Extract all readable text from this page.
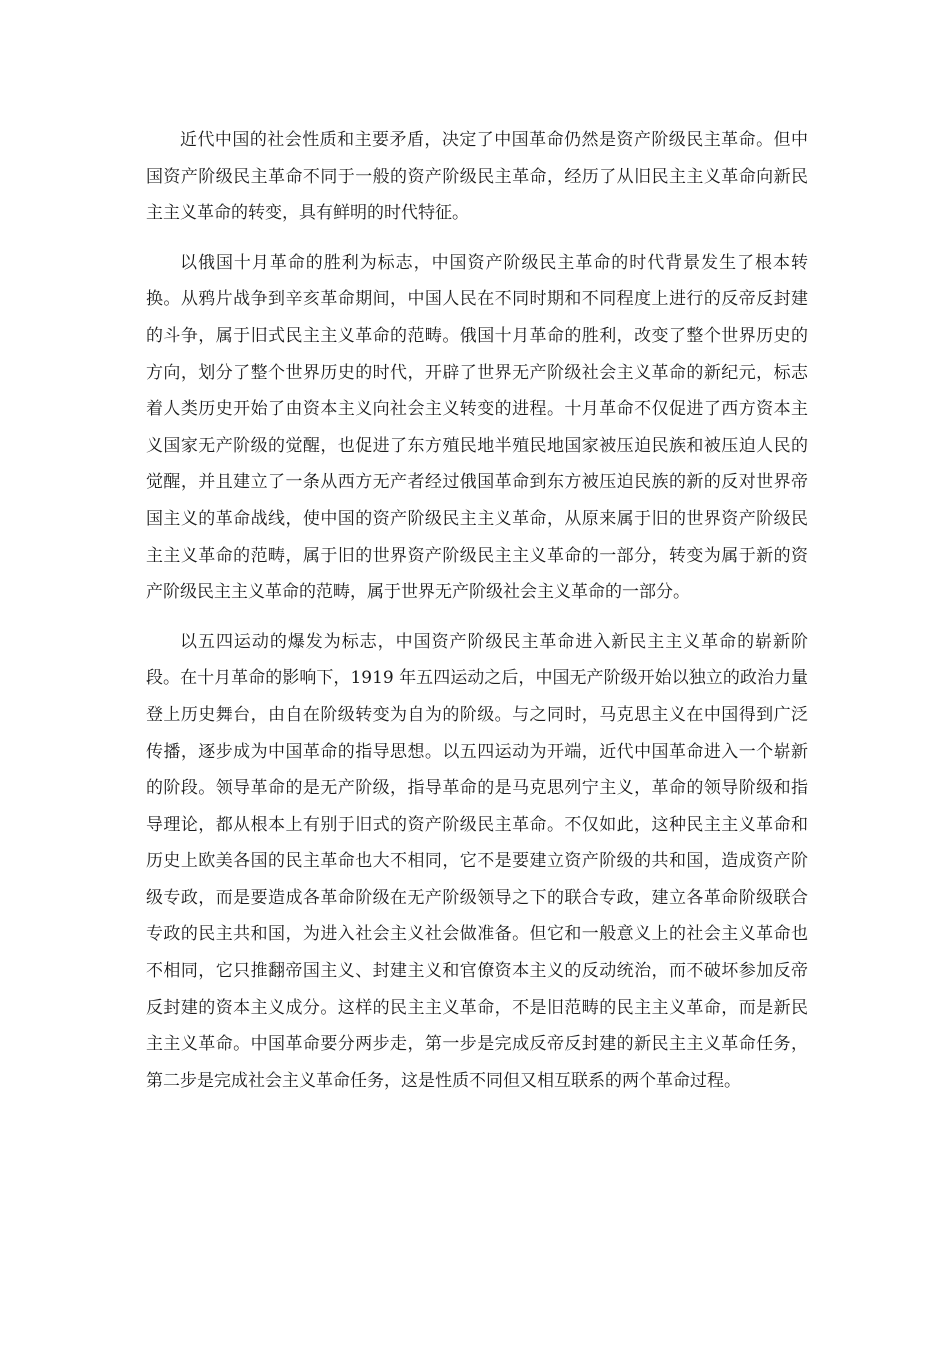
近代中国的社会性质和主要矛盾，决定了中国革命仍然是资产阶级民主革命。但中国资产阶级民主革命不同于一般的资产阶级民主革命，经历了从旧民主主义革命向新民主主义革命的转变，具有鲜明的时代特征。

以俄国十月革命的胜利为标志，中国资产阶级民主革命的时代背景发生了根本转换。从鸦片战争到辛亥革命期间，中国人民在不同时期和不同程度上进行的反帝反封建的斗争，属于旧式民主主义革命的范畴。俄国十月革命的胜利，改变了整个世界历史的方向，划分了整个世界历史的时代，开辟了世界无产阶级社会主义革命的新纪元，标志着人类历史开始了由资本主义向社会主义转变的进程。十月革命不仅促进了西方资本主义国家无产阶级的觉醒，也促进了东方殖民地半殖民地国家被压迫民族和被压迫人民的觉醒，并且建立了一条从西方无产者经过俄国革命到东方被压迫民族的新的反对世界帝国主义的革命战线，使中国的资产阶级民主主义革命，从原来属于旧的世界资产阶级民主主义革命的范畴，属于旧的世界资产阶级民主主义革命的一部分，转变为属于新的资产阶级民主主义革命的范畴，属于世界无产阶级社会主义革命的一部分。

以五四运动的爆发为标志，中国资产阶级民主革命进入新民主主义革命的崭新阶段。在十月革命的影响下，1919 年五四运动之后，中国无产阶级开始以独立的政治力量登上历史舞台，由自在阶级转变为自为的阶级。与之同时，马克思主义在中国得到广泛传播，逐步成为中国革命的指导思想。以五四运动为开端，近代中国革命进入一个崭新的阶段。领导革命的是无产阶级，指导革命的是马克思列宁主义，革命的领导阶级和指导理论，都从根本上有别于旧式的资产阶级民主革命。不仅如此，这种民主主义革命和历史上欧美各国的民主革命也大不相同，它不是要建立资产阶级的共和国，造成资产阶级专政，而是要造成各革命阶级在无产阶级领导之下的联合专政，建立各革命阶级联合专政的民主共和国，为进入社会主义社会做准备。但它和一般意义上的社会主义革命也不相同，它只推翻帝国主义、封建主义和官僚资本主义的反动统治，而不破坏参加反帝反封建的资本主义成分。这样的民主主义革命，不是旧范畴的民主主义革命，而是新民主主义革命。中国革命要分两步走，第一步是完成反帝反封建的新民主主义革命任务，第二步是完成社会主义革命任务，这是性质不同但又相互联系的两个革命过程。
